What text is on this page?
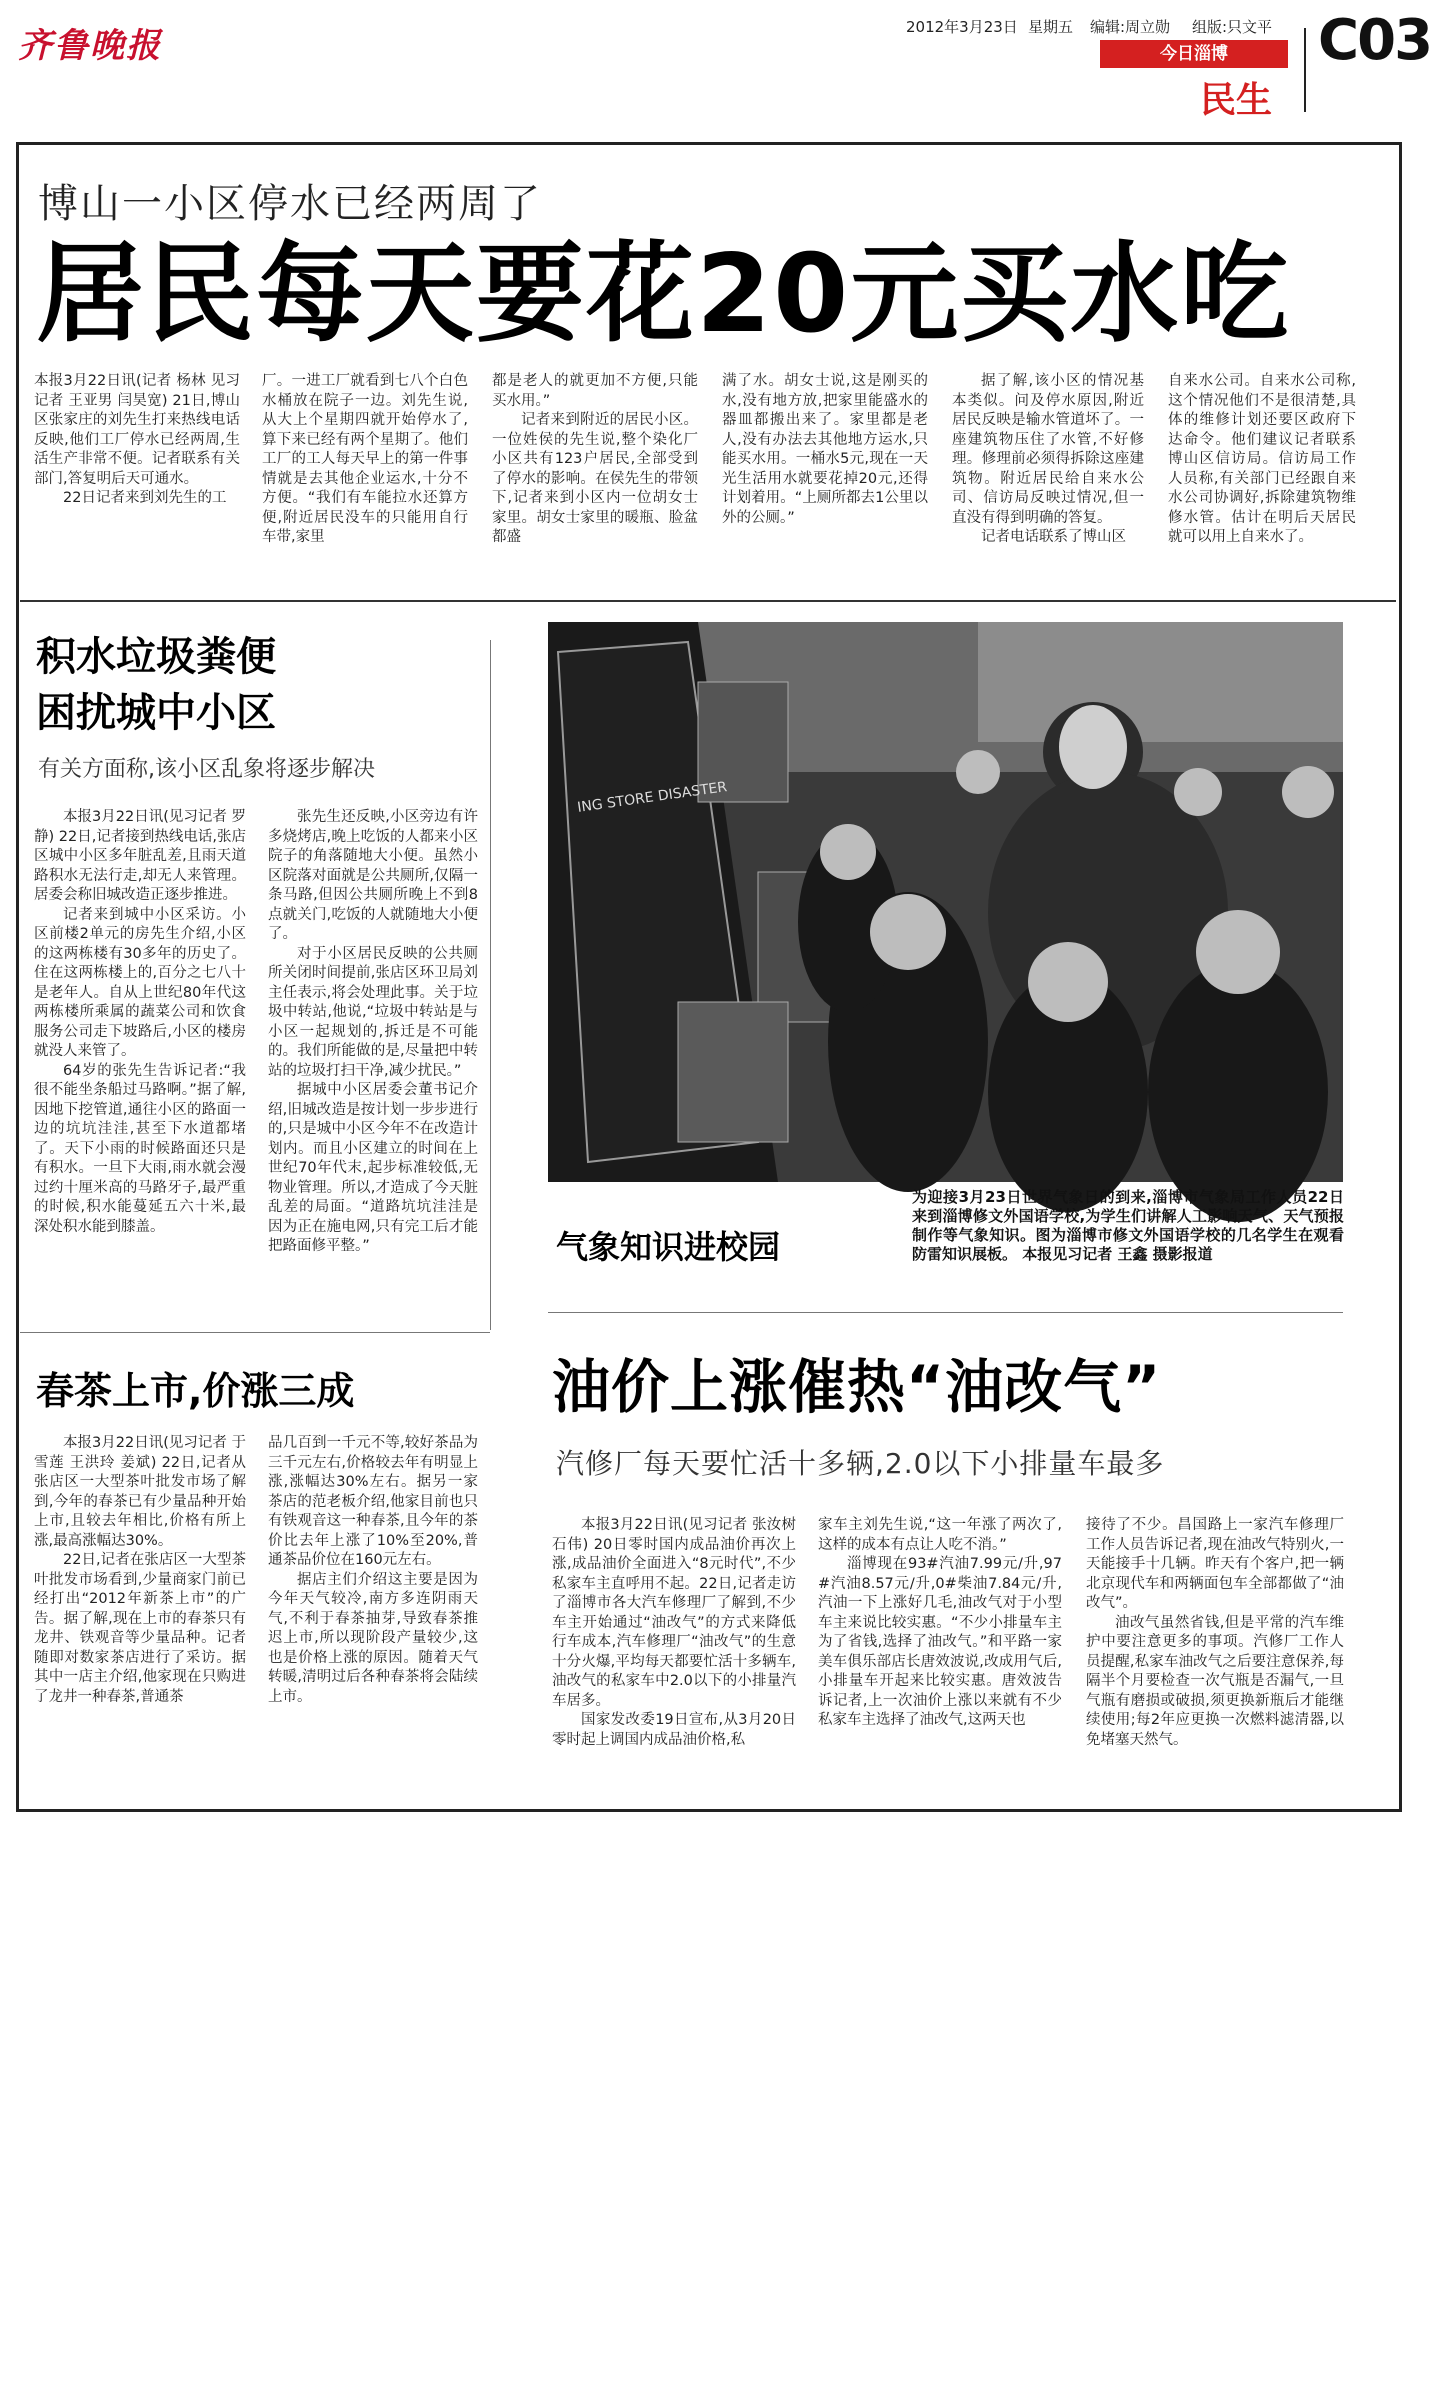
齐鲁晚报	2012年3月23日 星期五 编辑:周立勋 组版:只文平
今日淄博
民生
C03
博山一小区停水已经两周了
居民每天要花20元买水吃

本报3月22日讯(记者 杨林 见习记者 王亚男 闫昊宽) 21日,博山区张家庄的刘先生打来热线电话反映,他们工厂停水已经两周,生活生产非常不便。记者联系有关部门,答复明后天可通水。

22日记者来到刘先生的工

厂。一进工厂就看到七八个白色水桶放在院子一边。刘先生说,从大上个星期四就开始停水了,算下来已经有两个星期了。他们工厂的工人每天早上的第一件事情就是去其他企业运水,十分不方便。“我们有车能拉水还算方便,附近居民没车的只能用自行车带,家里

都是老人的就更加不方便,只能买水用。”

记者来到附近的居民小区。一位姓侯的先生说,整个染化厂小区共有123户居民,全部受到了停水的影响。在侯先生的带领下,记者来到小区内一位胡女士家里。胡女士家里的暖瓶、脸盆都盛

满了水。胡女士说,这是刚买的水,没有地方放,把家里能盛水的器皿都搬出来了。家里都是老人,没有办法去其他地方运水,只能买水用。一桶水5元,现在一天光生活用水就要花掉20元,还得计划着用。“上厕所都去1公里以外的公厕。”

据了解,该小区的情况基本类似。问及停水原因,附近居民反映是输水管道坏了。一座建筑物压住了水管,不好修理。修理前必须得拆除这座建筑物。附近居民给自来水公司、信访局反映过情况,但一直没有得到明确的答复。

记者电话联系了博山区

自来水公司。自来水公司称,这个情况他们不是很清楚,具体的维修计划还要区政府下达命令。他们建议记者联系博山区信访局。信访局工作人员称,有关部门已经跟自来水公司协调好,拆除建筑物维修水管。估计在明后天居民就可以用上自来水了。

积水垃圾粪便
困扰城中小区
有关方面称,该小区乱象将逐步解决

本报3月22日讯(见习记者 罗静) 22日,记者接到热线电话,张店区城中小区多年脏乱差,且雨天道路积水无法行走,却无人来管理。居委会称旧城改造正逐步推进。

记者来到城中小区采访。小区前楼2单元的房先生介绍,小区的这两栋楼有30多年的历史了。住在这两栋楼上的,百分之七八十是老年人。自从上世纪80年代这两栋楼所乘属的蔬菜公司和饮食服务公司走下坡路后,小区的楼房就没人来管了。

64岁的张先生告诉记者:“我很不能坐条船过马路啊。”据了解,因地下挖管道,通往小区的路面一边的坑坑洼洼,甚至下水道都堵了。天下小雨的时候路面还只是有积水。一旦下大雨,雨水就会漫过约十厘米高的马路牙子,最严重的时候,积水能蔓延五六十米,最深处积水能到膝盖。

张先生还反映,小区旁边有许多烧烤店,晚上吃饭的人都来小区院子的角落随地大小便。虽然小区院落对面就是公共厕所,仅隔一条马路,但因公共厕所晚上不到8点就关门,吃饭的人就随地大小便了。

对于小区居民反映的公共厕所关闭时间提前,张店区环卫局刘主任表示,将会处理此事。关于垃圾中转站,他说,“垃圾中转站是与小区一起规划的,拆迁是不可能的。我们所能做的是,尽量把中转站的垃圾打扫干净,减少扰民。”

据城中小区居委会董书记介绍,旧城改造是按计划一步步进行的,只是城中小区今年不在改造计划内。而且小区建立的时间在上世纪70年代末,起步标准较低,无物业管理。所以,才造成了今天脏乱差的局面。“道路坑坑洼洼是因为正在施电网,只有完工后才能把路面修平整。”

ING STORE DISASTER
气象知识进校园
为迎接3月23日世界气象日的到来,淄博市气象局工作人员22日来到淄博修文外国语学校,为学生们讲解人工影响天气、天气预报制作等气象知识。图为淄博市修文外国语学校的几名学生在观看防雷知识展板。 本报见习记者 王鑫 摄影报道
春茶上市,价涨三成

本报3月22日讯(见习记者 于雪莲 王洪玲 姜斌) 22日,记者从张店区一大型茶叶批发市场了解到,今年的春茶已有少量品种开始上市,且较去年相比,价格有所上涨,最高涨幅达30%。

22日,记者在张店区一大型茶叶批发市场看到,少量商家门前已经打出“2012年新茶上市”的广告。据了解,现在上市的春茶只有龙井、铁观音等少量品种。记者随即对数家茶店进行了采访。据其中一店主介绍,他家现在只购进了龙井一种春茶,普通茶

品几百到一千元不等,较好茶品为三千元左右,价格较去年有明显上涨,涨幅达30%左右。据另一家茶店的范老板介绍,他家目前也只有铁观音这一种春茶,且今年的茶价比去年上涨了10%至20%,普通茶品价位在160元左右。

据店主们介绍这主要是因为今年天气较冷,南方多连阴雨天气,不利于春茶抽芽,导致春茶推迟上市,所以现阶段产量较少,这也是价格上涨的原因。随着天气转暖,清明过后各种春茶将会陆续上市。

油价上涨催热“油改气”
汽修厂每天要忙活十多辆,2.0以下小排量车最多

本报3月22日讯(见习记者 张汝树 石伟) 20日零时国内成品油价再次上涨,成品油价全面进入“8元时代”,不少私家车主直呼用不起。22日,记者走访了淄博市各大汽车修理厂了解到,不少车主开始通过“油改气”的方式来降低行车成本,汽车修理厂“油改气”的生意十分火爆,平均每天都要忙活十多辆车,油改气的私家车中2.0以下的小排量汽车居多。

国家发改委19日宣布,从3月20日零时起上调国内成品油价格,私

家车主刘先生说,“这一年涨了两次了,这样的成本有点让人吃不消。”

淄博现在93#汽油7.99元/升,97#汽油8.57元/升,0#柴油7.84元/升,汽油一下上涨好几毛,油改气对于小型车主来说比较实惠。“不少小排量车主为了省钱,选择了油改气。”和平路一家美车俱乐部店长唐效波说,改成用气后,小排量车开起来比较实惠。唐效波告诉记者,上一次油价上涨以来就有不少私家车主选择了油改气,这两天也

接待了不少。昌国路上一家汽车修理厂工作人员告诉记者,现在油改气特别火,一天能接手十几辆。昨天有个客户,把一辆北京现代车和两辆面包车全部都做了“油改气”。

油改气虽然省钱,但是平常的汽车维护中要注意更多的事项。汽修厂工作人员提醒,私家车油改气之后要注意保养,每隔半个月要检查一次气瓶是否漏气,一旦气瓶有磨损或破损,须更换新瓶后才能继续使用;每2年应更换一次燃料滤清器,以免堵塞天然气。
